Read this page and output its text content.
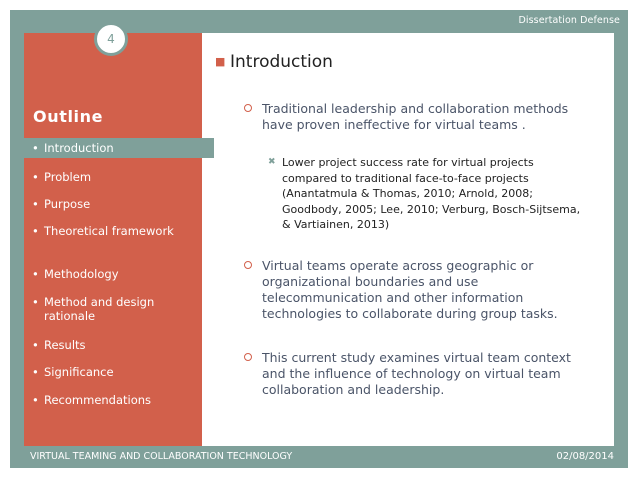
Dissertation Defense
4
Outline
• Introduction
• Problem
• Purpose
• Theoretical framework
• Methodology
• Method and design rationale
• Results
• Significance
• Recommendations
■ Introduction
Traditional leadership and collaboration methods have proven ineffective for virtual teams .
✖ Lower project success rate for virtual projects compared to traditional face-to-face projects (Anantatmula & Thomas, 2010; Arnold, 2008; Goodbody, 2005; Lee, 2010; Verburg, Bosch-Sijtsema, & Vartiainen, 2013)
Virtual teams operate across geographic or organizational boundaries and use telecommunication and other information technologies to collaborate during group tasks.
This current study examines virtual team context and the influence of technology on virtual team collaboration and leadership.
VIRTUAL TEAMING AND COLLABORATION TECHNOLOGY	02/08/2014
